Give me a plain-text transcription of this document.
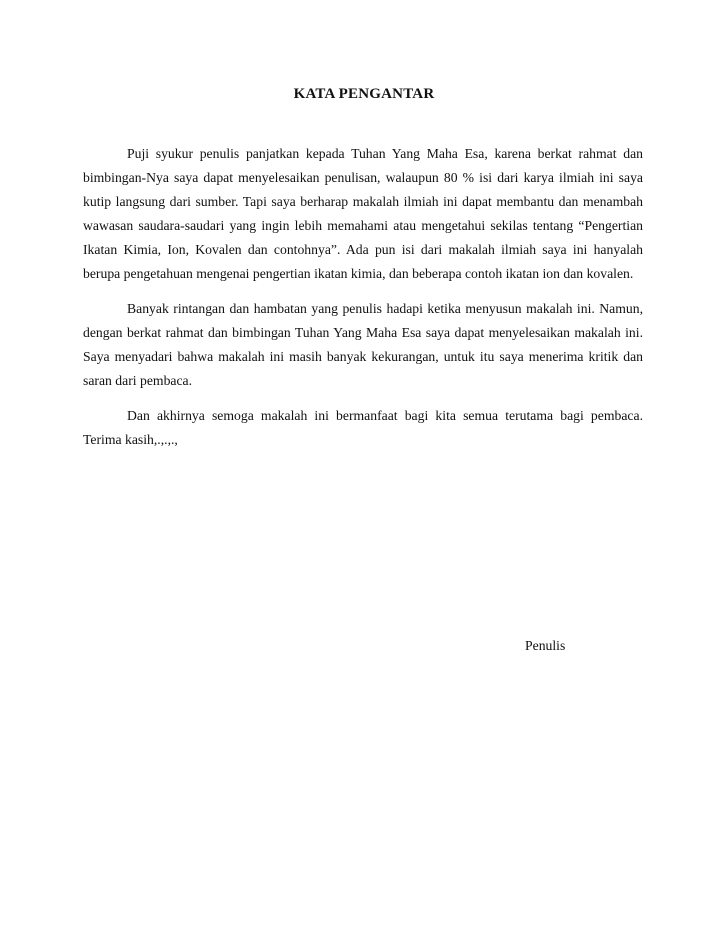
KATA PENGANTAR

Puji syukur penulis panjatkan kepada Tuhan Yang Maha Esa, karena berkat rahmat dan bimbingan-Nya saya dapat menyelesaikan penulisan, walaupun 80 % isi dari karya ilmiah ini saya kutip langsung dari sumber. Tapi saya berharap makalah ilmiah ini dapat membantu dan menambah wawasan saudara-saudari yang ingin lebih memahami atau mengetahui sekilas tentang “Pengertian Ikatan Kimia, Ion, Kovalen dan contohnya”. Ada pun isi dari makalah ilmiah saya ini hanyalah berupa pengetahuan mengenai pengertian ikatan kimia, dan beberapa contoh ikatan ion dan kovalen.

Banyak rintangan dan hambatan yang penulis hadapi ketika menyusun makalah ini. Namun, dengan berkat rahmat dan bimbingan Tuhan Yang Maha Esa saya dapat menyelesaikan makalah ini. Saya menyadari bahwa makalah ini masih banyak kekurangan, untuk itu saya menerima kritik dan saran dari pembaca.

Dan akhirnya semoga makalah ini bermanfaat bagi kita semua terutama bagi pembaca. Terima kasih,.,.,.,

Penulis
